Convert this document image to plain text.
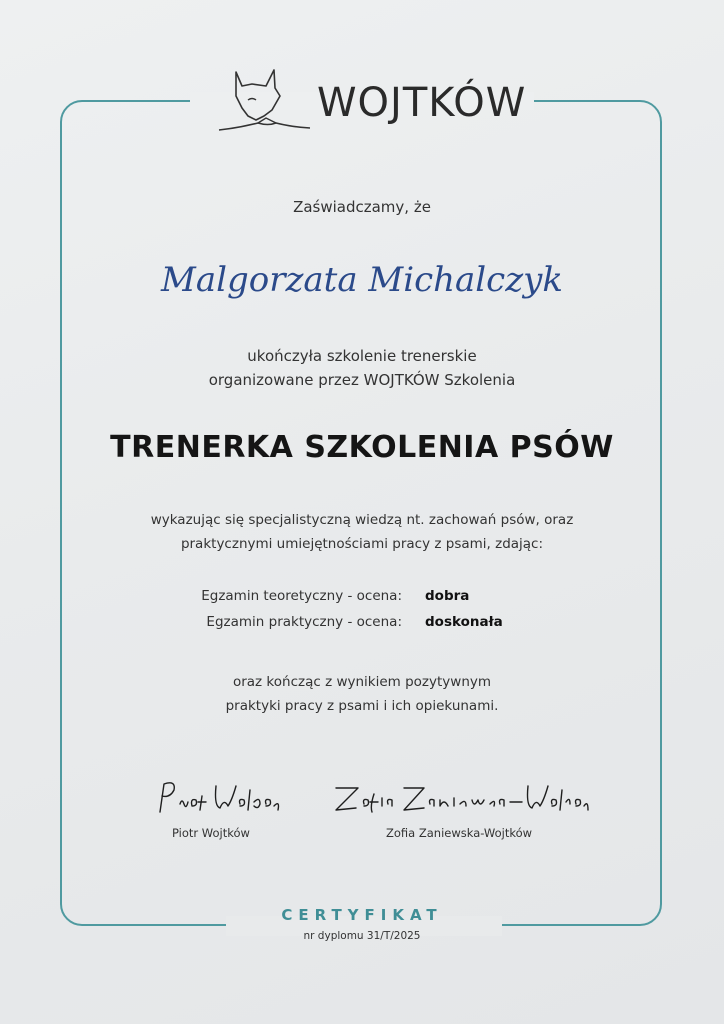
WOJTKÓW
Zaświadczamy, że
Malgorzata Michalczyk
ukończyła szkolenie trenerskie
organizowane przez WOJTKÓW Szkolenia
TRENERKA SZKOLENIA PSÓW
wykazując się specjalistyczną wiedzą nt. zachowań psów, oraz
praktycznymi umiejętnościami pracy z psami, zdając:
Egzamin teoretyczny - ocena: dobra
Egzamin praktyczny - ocena: doskonała
oraz kończąc z wynikiem pozytywnym
praktyki pracy z psami i ich opiekunami.
Piotr Wojtków	Zofia Zaniewska-Wojtków
CERTYFIKAT
nr dyplomu 31/T/2025
